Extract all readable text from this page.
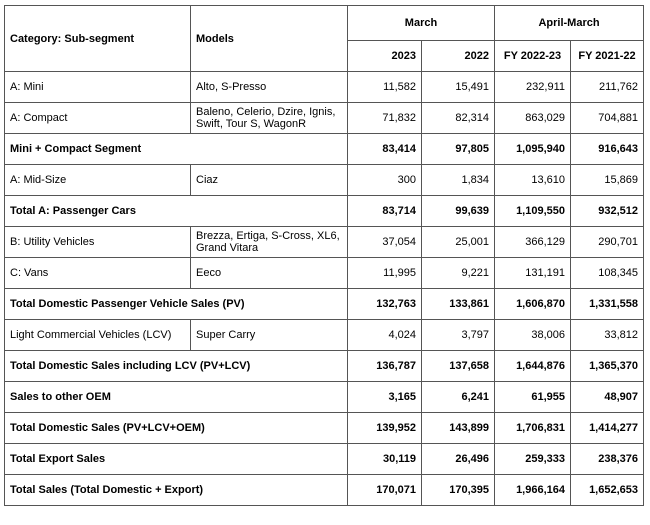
Category: Sub-segment	Models	March		April-March	
		2023	2022	FY 2022-23	FY 2021-22
A: Mini	Alto, S-Presso	11,582	15,491	232,911	211,762
A: Compact	Baleno, Celerio, Dzire, Ignis, Swift, Tour S, WagonR	71,832	82,314	863,029	704,881
Mini + Compact Segment		83,414	97,805	1,095,940	916,643
A: Mid-Size	Ciaz	300	1,834	13,610	15,869
Total A: Passenger Cars		83,714	99,639	1,109,550	932,512
B: Utility Vehicles	Brezza, Ertiga, S-Cross, XL6, Grand Vitara	37,054	25,001	366,129	290,701
C: Vans	Eeco	11,995	9,221	131,191	108,345
Total Domestic Passenger Vehicle Sales (PV)		132,763	133,861	1,606,870	1,331,558
Light Commercial Vehicles (LCV)	Super Carry	4,024	3,797	38,006	33,812
Total Domestic Sales including LCV (PV+LCV)		136,787	137,658	1,644,876	1,365,370
Sales to other OEM		3,165	6,241	61,955	48,907
Total Domestic Sales (PV+LCV+OEM)		139,952	143,899	1,706,831	1,414,277
Total Export Sales		30,119	26,496	259,333	238,376
Total Sales (Total Domestic + Export)		170,071	170,395	1,966,164	1,652,653
